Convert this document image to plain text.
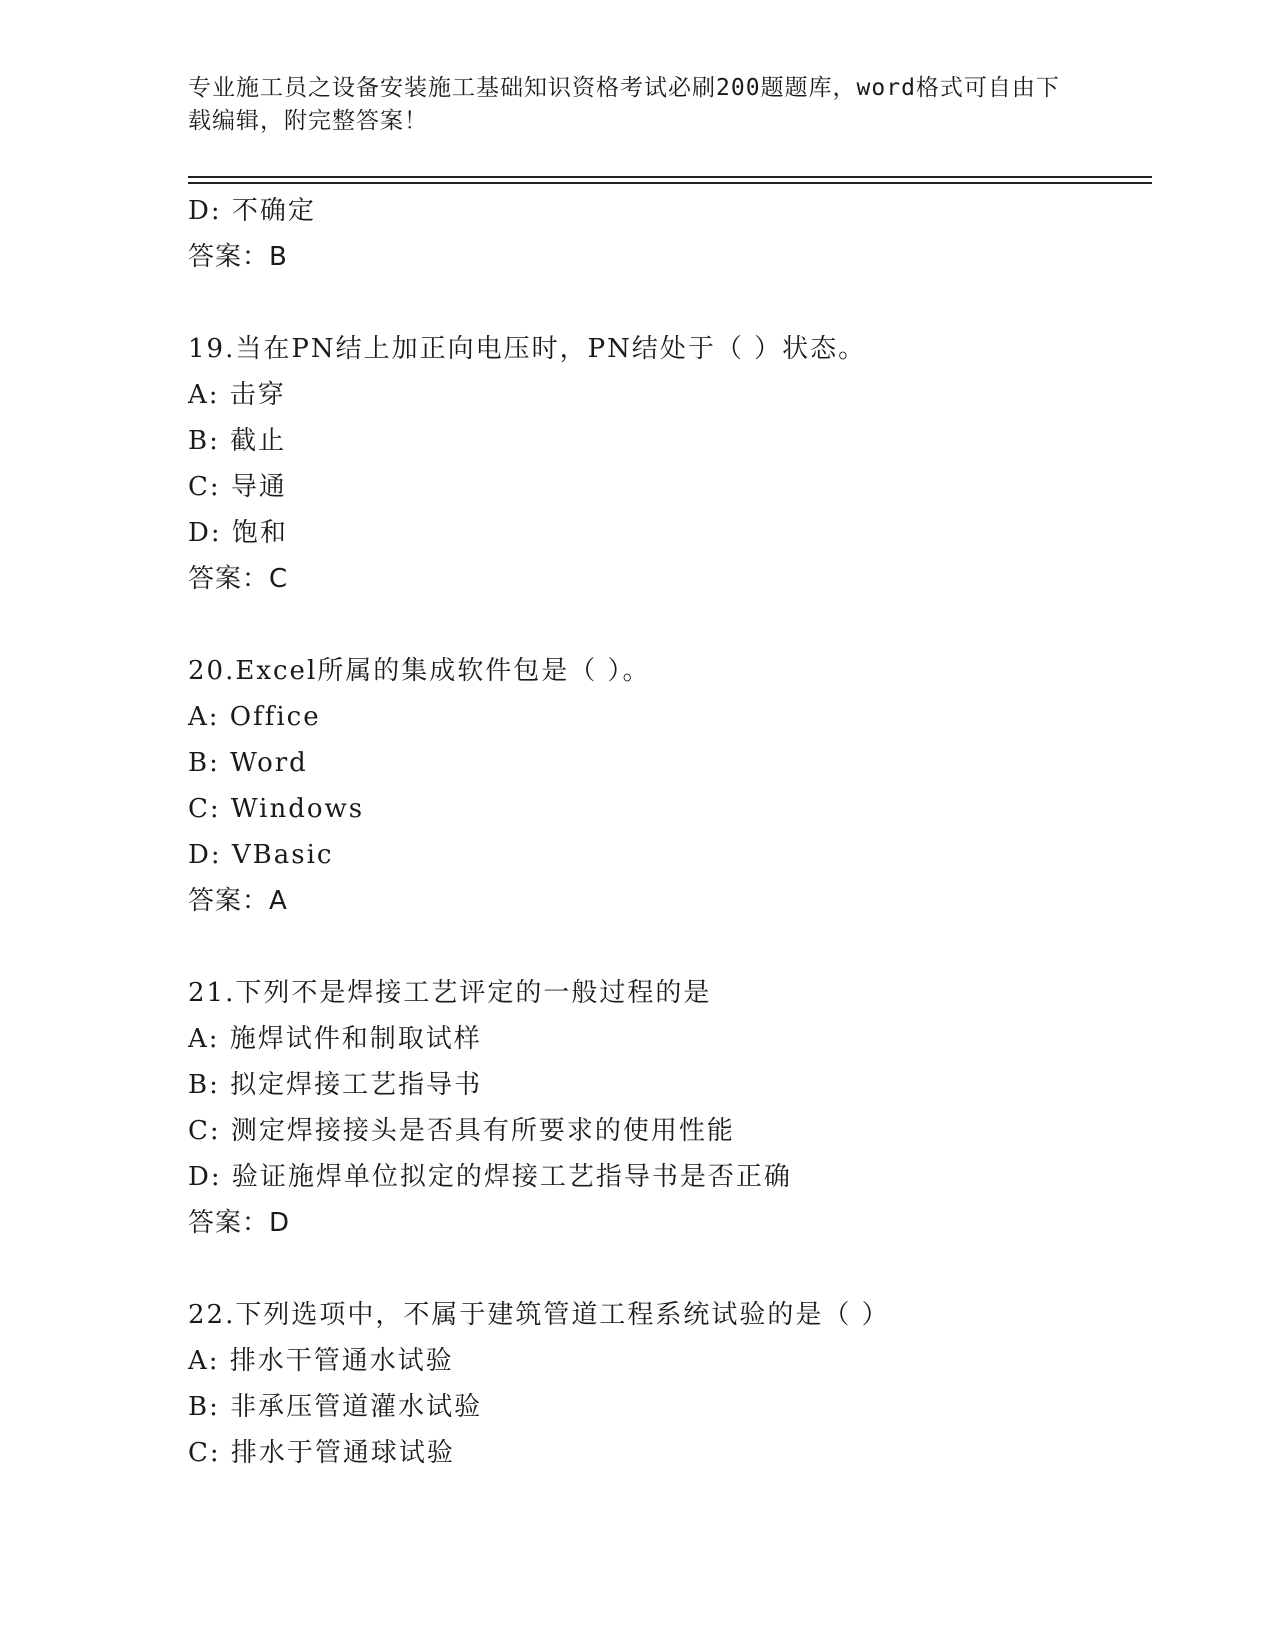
专业施工员之设备安装施工基础知识资格考试必刷200题题库，word格式可自由下载编辑，附完整答案！
D: 不确定
答案：B
19.当在PN结上加正向电压时，PN结处于（ ）状态。
A: 击穿
B: 截止
C: 导通
D: 饱和
答案：C
20.Excel所属的集成软件包是（ ）。
A: Office
B: Word
C: Windows
D: VBasic
答案：A
21.下列不是焊接工艺评定的一般过程的是
A: 施焊试件和制取试样
B: 拟定焊接工艺指导书
C: 测定焊接接头是否具有所要求的使用性能
D: 验证施焊单位拟定的焊接工艺指导书是否正确
答案：D
22.下列选项中，不属于建筑管道工程系统试验的是（ ）
A: 排水干管通水试验
B: 非承压管道灌水试验
C: 排水于管通球试验
